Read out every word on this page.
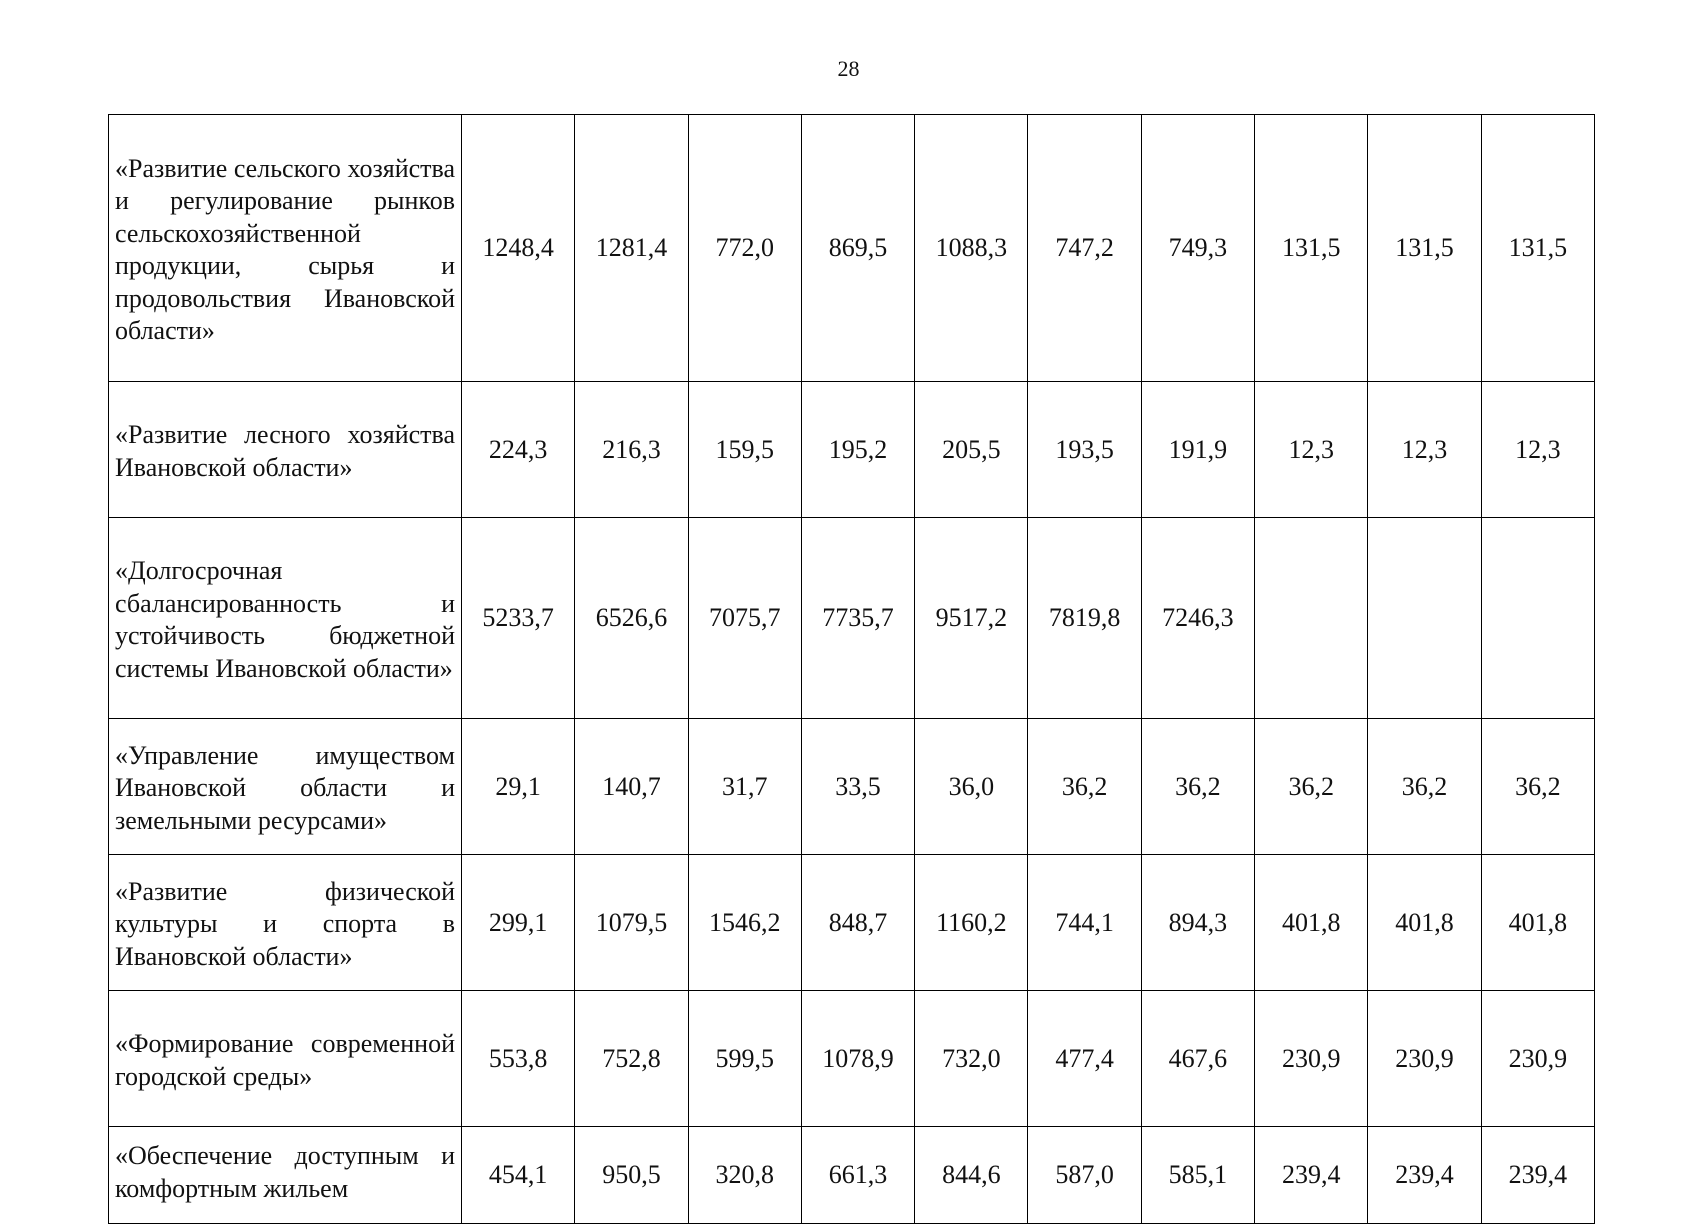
28
«Развитие сельского хозяйства и регулирование рынков сельскохозяйственной продукции, сырья и продовольствия Ивановской области»	1248,4	1281,4	772,0	869,5	1088,3	747,2	749,3	131,5	131,5	131,5
«Развитие лесного хозяйства Ивановской области»	224,3	216,3	159,5	195,2	205,5	193,5	191,9	12,3	12,3	12,3
«Долгосрочная сбалансированность и устойчивость бюджетной системы Ивановской области»	5233,7	6526,6	7075,7	7735,7	9517,2	7819,8	7246,3			
«Управление имуществом Ивановской области и земельными ресурсами»	29,1	140,7	31,7	33,5	36,0	36,2	36,2	36,2	36,2	36,2
«Развитие физической культуры и спорта в Ивановской области»	299,1	1079,5	1546,2	848,7	1160,2	744,1	894,3	401,8	401,8	401,8
«Формирование современной городской среды»	553,8	752,8	599,5	1078,9	732,0	477,4	467,6	230,9	230,9	230,9

«Обеспечение доступным и комфортным жильем	454,1	950,5	320,8	661,3	844,6	587,0	585,1	239,4	239,4	239,4
